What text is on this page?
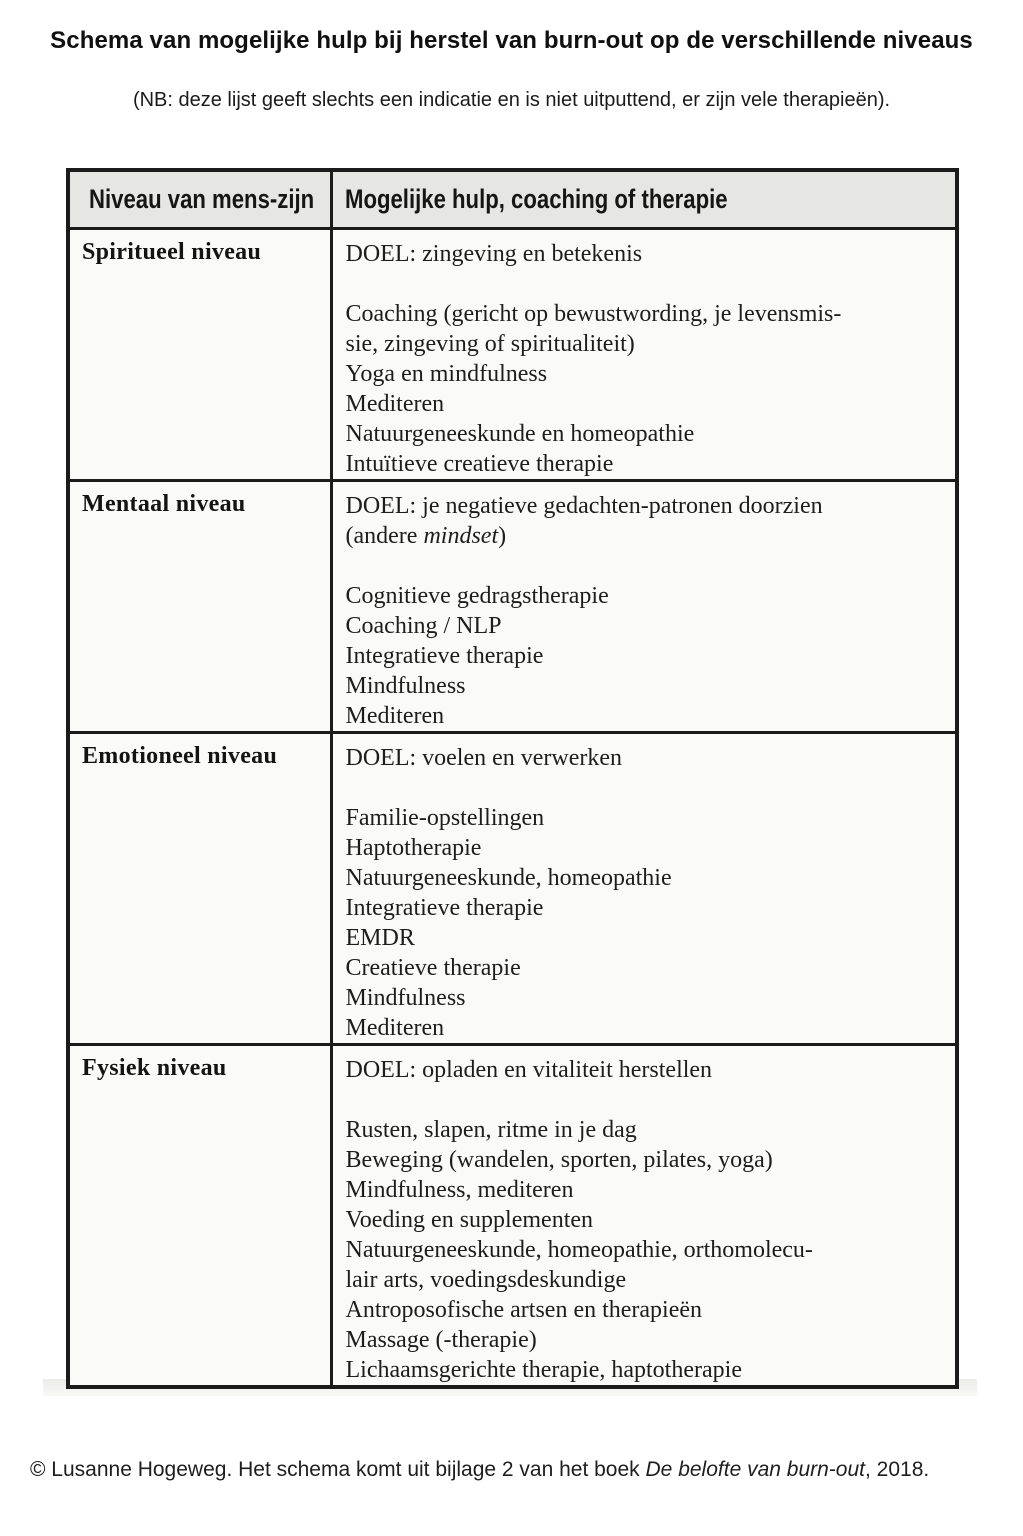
Schema van mogelijke hulp bij herstel van burn-out op de verschillende niveaus
(NB: deze lijst geeft slechts een indicatie en is niet uitputtend, er zijn vele therapieën).
Niveau van mens-zijn	Mogelijke hulp, coaching of therapie

Spiritueel niveau	DOEL: zingeving en betekenis

Coaching (gericht op bewustwording, je levensmis-
sie, zingeving of spiritualiteit)
Yoga en mindfulness
Mediteren
Natuurgeneeskunde en homeopathie
Intuïtieve creatieve therapie

Mentaal niveau	DOEL: je negatieve gedachten-patronen doorzien
(andere mindset)

Cognitieve gedragstherapie
Coaching / NLP
Integratieve therapie
Mindfulness
Mediteren

Emotioneel niveau	DOEL: voelen en verwerken

Familie-opstellingen
Haptotherapie
Natuurgeneeskunde, homeopathie
Integratieve therapie
EMDR
Creatieve therapie
Mindfulness
Mediteren

Fysiek niveau	DOEL: opladen en vitaliteit herstellen

Rusten, slapen, ritme in je dag
Beweging (wandelen, sporten, pilates, yoga)
Mindfulness, mediteren
Voeding en supplementen
Natuurgeneeskunde, homeopathie, orthomolecu-
lair arts, voedingsdeskundige
Antroposofische artsen en therapieën
Massage (-therapie)
Lichaamsgerichte therapie, haptotherapie
© Lusanne Hogeweg. Het schema komt uit bijlage 2 van het boek De belofte van burn-out, 2018.
